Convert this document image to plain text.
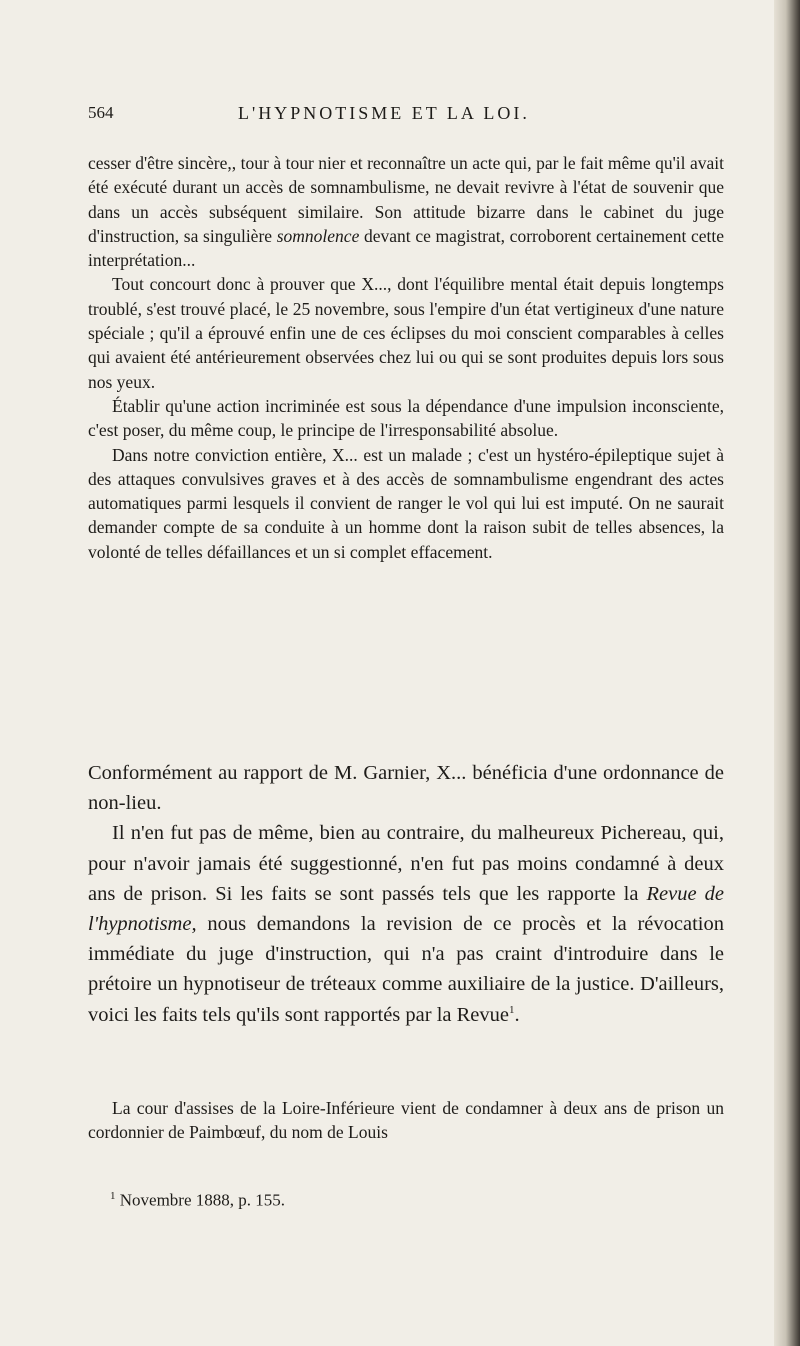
564	L'HYPNOTISME ET LA LOI.

cesser d'être sincère,, tour à tour nier et reconnaître un acte qui, par le fait même qu'il avait été exécuté durant un accès de somnambulisme, ne devait revivre à l'état de souvenir que dans un accès subséquent similaire. Son attitude bizarre dans le cabinet du juge d'instruction, sa singulière somnolence devant ce magistrat, corroborent certainement cette interprétation...

Tout concourt donc à prouver que X..., dont l'équilibre mental était depuis longtemps troublé, s'est trouvé placé, le 25 novembre, sous l'empire d'un état vertigineux d'une nature spéciale ; qu'il a éprouvé enfin une de ces éclipses du moi conscient comparables à celles qui avaient été antérieurement observées chez lui ou qui se sont produites depuis lors sous nos yeux.

Établir qu'une action incriminée est sous la dépendance d'une impulsion inconsciente, c'est poser, du même coup, le principe de l'irresponsabilité absolue.

Dans notre conviction entière, X... est un malade ; c'est un hystéro-épileptique sujet à des attaques convulsives graves et à des accès de somnambulisme engendrant des actes automatiques parmi lesquels il convient de ranger le vol qui lui est imputé. On ne saurait demander compte de sa conduite à un homme dont la raison subit de telles absences, la volonté de telles défaillances et un si complet effacement.

Conformément au rapport de M. Garnier, X... bénéficia d'une ordonnance de non-lieu.

Il n'en fut pas de même, bien au contraire, du malheureux Pichereau, qui, pour n'avoir jamais été suggestionné, n'en fut pas moins condamné à deux ans de prison. Si les faits se sont passés tels que les rapporte la Revue de l'hypnotisme, nous demandons la revision de ce procès et la révocation immédiate du juge d'instruction, qui n'a pas craint d'introduire dans le prétoire un hypnotiseur de tréteaux comme auxiliaire de la justice. D'ailleurs, voici les faits tels qu'ils sont rapportés par la Revue$^1$.

La cour d'assises de la Loire-Inférieure vient de condamner à deux ans de prison un cordonnier de Paimbœuf, du nom de Louis

$^1$ Novembre 1888, p. 155.
